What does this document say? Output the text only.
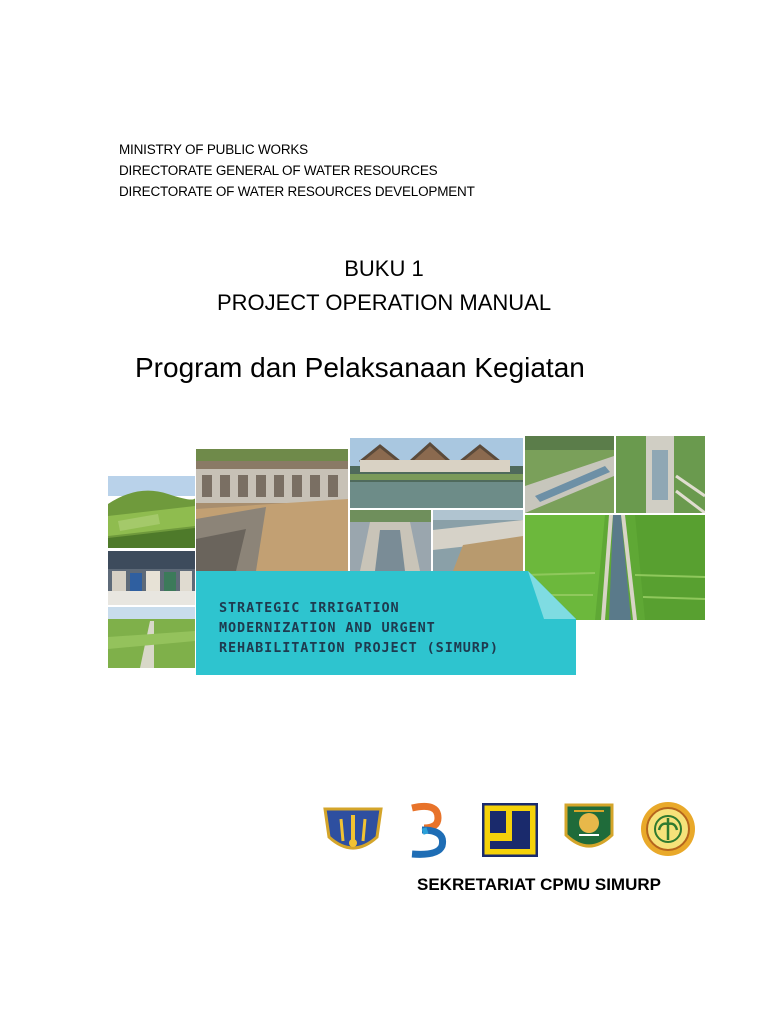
MINISTRY OF PUBLIC WORKS
DIRECTORATE GENERAL OF WATER RESOURCES
DIRECTORATE OF WATER RESOURCES DEVELOPMENT
BUKU 1
PROJECT OPERATION MANUAL
Program dan Pelaksanaan Kegiatan
STRATEGIC IRRIGATION
MODERNIZATION AND URGENT
REHABILITATION PROJECT (SIMURP)
SEKRETARIAT CPMU SIMURP
